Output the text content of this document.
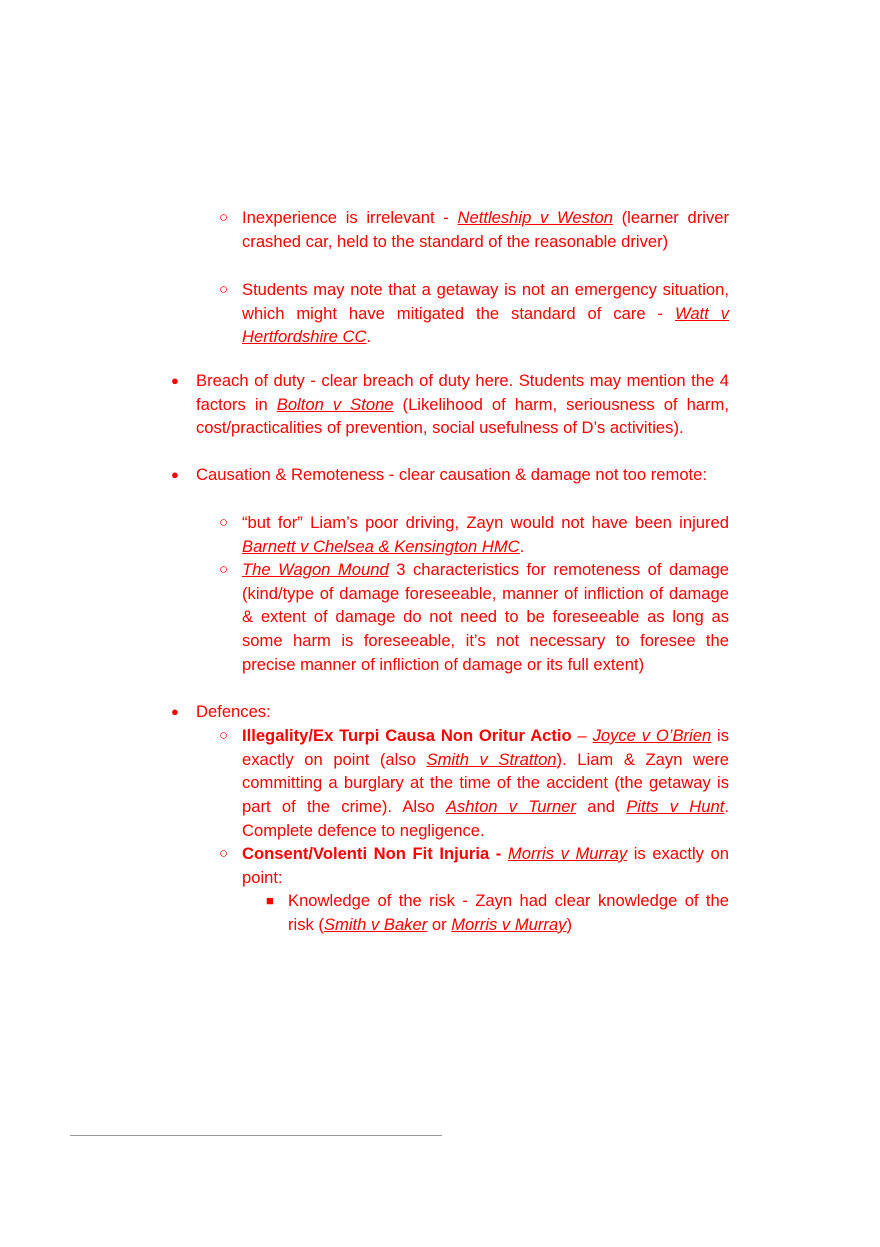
○ Inexperience is irrelevant - Nettleship v Weston (learner driver crashed car, held to the standard of the reasonable driver)

○ Students may note that a getaway is not an emergency situation, which might have mitigated the standard of care - Watt v Hertfordshire CC.

● Breach of duty - clear breach of duty here. Students may mention the 4 factors in Bolton v Stone (Likelihood of harm, seriousness of harm, cost/practicalities of prevention, social usefulness of D’s activities).

● Causation & Remoteness - clear causation & damage not too remote:

○ “but for” Liam’s poor driving, Zayn would not have been injured Barnett v Chelsea & Kensington HMC.

○ The Wagon Mound 3 characteristics for remoteness of damage (kind/type of damage foreseeable, manner of infliction of damage & extent of damage do not need to be foreseeable as long as some harm is foreseeable, it’s not necessary to foresee the precise manner of infliction of damage or its full extent)

● Defences:

○ Illegality/Ex Turpi Causa Non Oritur Actio – Joyce v O’Brien is exactly on point (also Smith v Stratton). Liam & Zayn were committing a burglary at the time of the accident (the getaway is part of the crime). Also Ashton v Turner and Pitts v Hunt. Complete defence to negligence.

○ Consent/Volenti Non Fit Injuria - Morris v Murray is exactly on point:

■ Knowledge of the risk - Zayn had clear knowledge of the risk (Smith v Baker or Morris v Murray)
